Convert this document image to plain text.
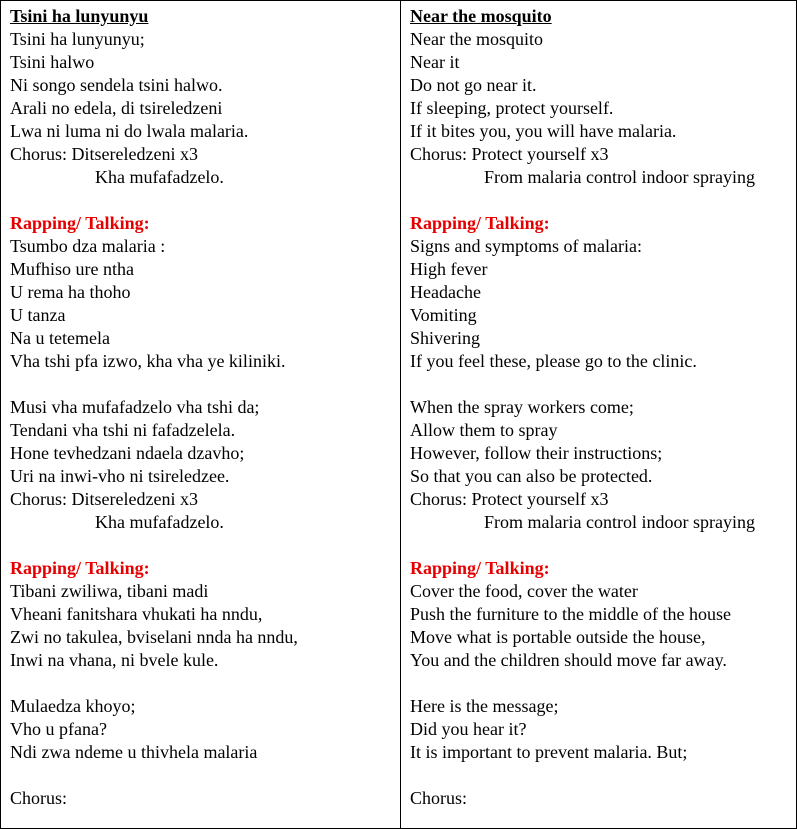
Tsini ha lunyunyu
Tsini ha lunyunyu;
Tsini halwo
Ni songo sendela tsini halwo.
Arali no edela, di tsireledzeni
Lwa ni luma ni do lwala malaria.
Chorus: Ditsereledzeni x3
Kha mufafadzelo.
Rapping/ Talking:
Tsumbo dza malaria :
Mufhiso ure ntha
U rema ha thoho
U tanza
Na u tetemela
Vha tshi pfa izwo, kha vha ye kiliniki.
Musi vha mufafadzelo vha tshi da;
Tendani vha tshi ni fafadzelela.
Hone tevhedzani ndaela dzavho;
Uri na inwi-vho ni tsireledzee.
Chorus: Ditsereledzeni x3
Kha mufafadzelo.
Rapping/ Talking:
Tibani zwiliwa, tibani madi
Vheani fanitshara vhukati ha nndu,
Zwi no takulea, bviselani nnda ha nndu,
Inwi na vhana, ni bvele kule.
Mulaedza khoyo;
Vho u pfana?
Ndi zwa ndeme u thivhela malaria
Chorus:
Near the mosquito
Near the mosquito
Near it
Do not go near it.
If sleeping, protect yourself.
If it bites you, you will have malaria.
Chorus: Protect yourself x3
From malaria control indoor spraying
Rapping/ Talking:
Signs and symptoms of malaria:
High fever
Headache
Vomiting
Shivering
If you feel these, please go to the clinic.
When the spray workers come;
Allow them to spray
However, follow their instructions;
So that you can also be protected.
Chorus: Protect yourself x3
From malaria control indoor spraying
Rapping/ Talking:
Cover the food, cover the water
Push the furniture to the middle of the house
Move what is portable outside the house,
You and the children should move far away.
Here is the message;
Did you hear it?
It is important to prevent malaria. But;
Chorus:
